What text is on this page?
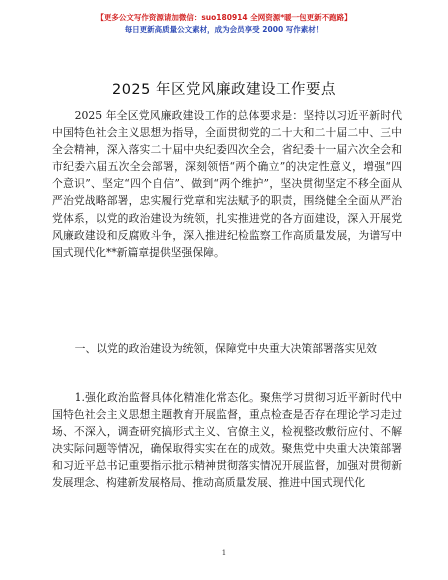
【更多公文写作资源请加微信：suo180914 全网资源*暖一包更新不跑路】
每日更新高质量公文素材，成为会员享受 2000 写作素材！
2025 年区党风廉政建设工作要点

2025 年全区党风廉政建设工作的总体要求是：坚持以习近平新时代中国特色社会主义思想为指导，全面贯彻党的二十大和二十届二中、三中全会精神，深入落实二十届中央纪委四次全会，省纪委十一届六次全会和市纪委六届五次全会部署，深刻领悟“两个确立”的决定性意义，增强“四个意识”、坚定“四个自信”、做到“两个维护”，坚决贯彻坚定不移全面从严治党战略部署，忠实履行党章和宪法赋予的职责，围绕健全全面从严治党体系，以党的政治建设为统领，扎实推进党的各方面建设，深入开展党风廉政建设和反腐败斗争，深入推进纪检监察工作高质量发展，为谱写中国式现代化**新篇章提供坚强保障。

一、以党的政治建设为统领，保障党中央重大决策部署落实见效

1.强化政治监督具体化精准化常态化。聚焦学习贯彻习近平新时代中国特色社会主义思想主题教育开展监督，重点检查是否存在理论学习走过场、不深入，调查研究搞形式主义、官僚主义，检视整改敷衍应付、不解决实际问题等情况，确保取得实实在在的成效。聚焦党中央重大决策部署和习近平总书记重要指示批示精神贯彻落实情况开展监督，加强对贯彻新发展理念、构建新发展格局、推动高质量发展、推进中国式现代化

1
